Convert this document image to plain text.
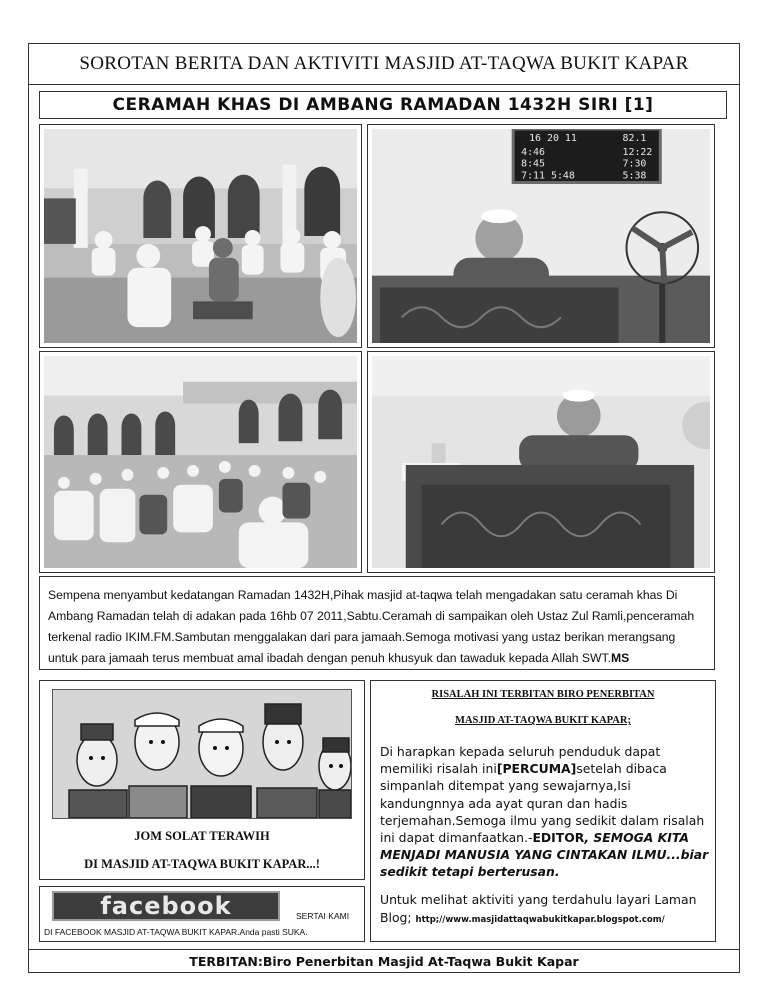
SOROTAN BERITA DAN AKTIVITI MASJID AT-TAQWA BUKIT KAPAR
CERAMAH KHAS DI AMBANG RAMADAN 1432H SIRI [1]
16 20 11	82.1
4:46	12:22
8:45	7:30
7:11 5:48	5:38
Sempena menyambut kedatangan Ramadan 1432H,Pihak masjid at-taqwa telah mengadakan satu ceramah khas Di Ambang Ramadan telah di adakan pada 16hb 07 2011,Sabtu.Ceramah di sampaikan oleh Ustaz Zul Ramli,penceramah terkenal radio IKIM.FM.Sambutan menggalakan dari para jamaah.Semoga motivasi yang ustaz berikan merangsang untuk para jamaah terus membuat amal ibadah dengan penuh khusyuk dan tawaduk kepada Allah SWT.MS
JOM SOLAT TERAWIH
DI MASJID AT-TAQWA BUKIT KAPAR...!
facebook	SERTAI KAMI
DI FACEBOOK MASJID AT-TAQWA BUKIT KAPAR.Anda pasti SUKA.
RISALAH INI TERBITAN BIRO PENERBITAN
MASJID AT-TAQWA BUKIT KAPAR;
Di harapkan kepada seluruh penduduk dapat memiliki risalah ini[PERCUMA]setelah dibaca simpanlah ditempat yang sewajarnya,Isi kandungnnya ada ayat quran dan hadis terjemahan.Semoga ilmu yang sedikit dalam risalah ini dapat dimanfaatkan.-EDITOR, SEMOGA KITA MENJADI MANUSIA YANG CINTAKAN ILMU...biar sedikit tetapi berterusan.
Untuk melihat aktiviti yang terdahulu layari Laman Blog; http;//www.masjidattaqwabukitkapar.blogspot.com/
TERBITAN:Biro Penerbitan Masjid At-Taqwa Bukit Kapar
